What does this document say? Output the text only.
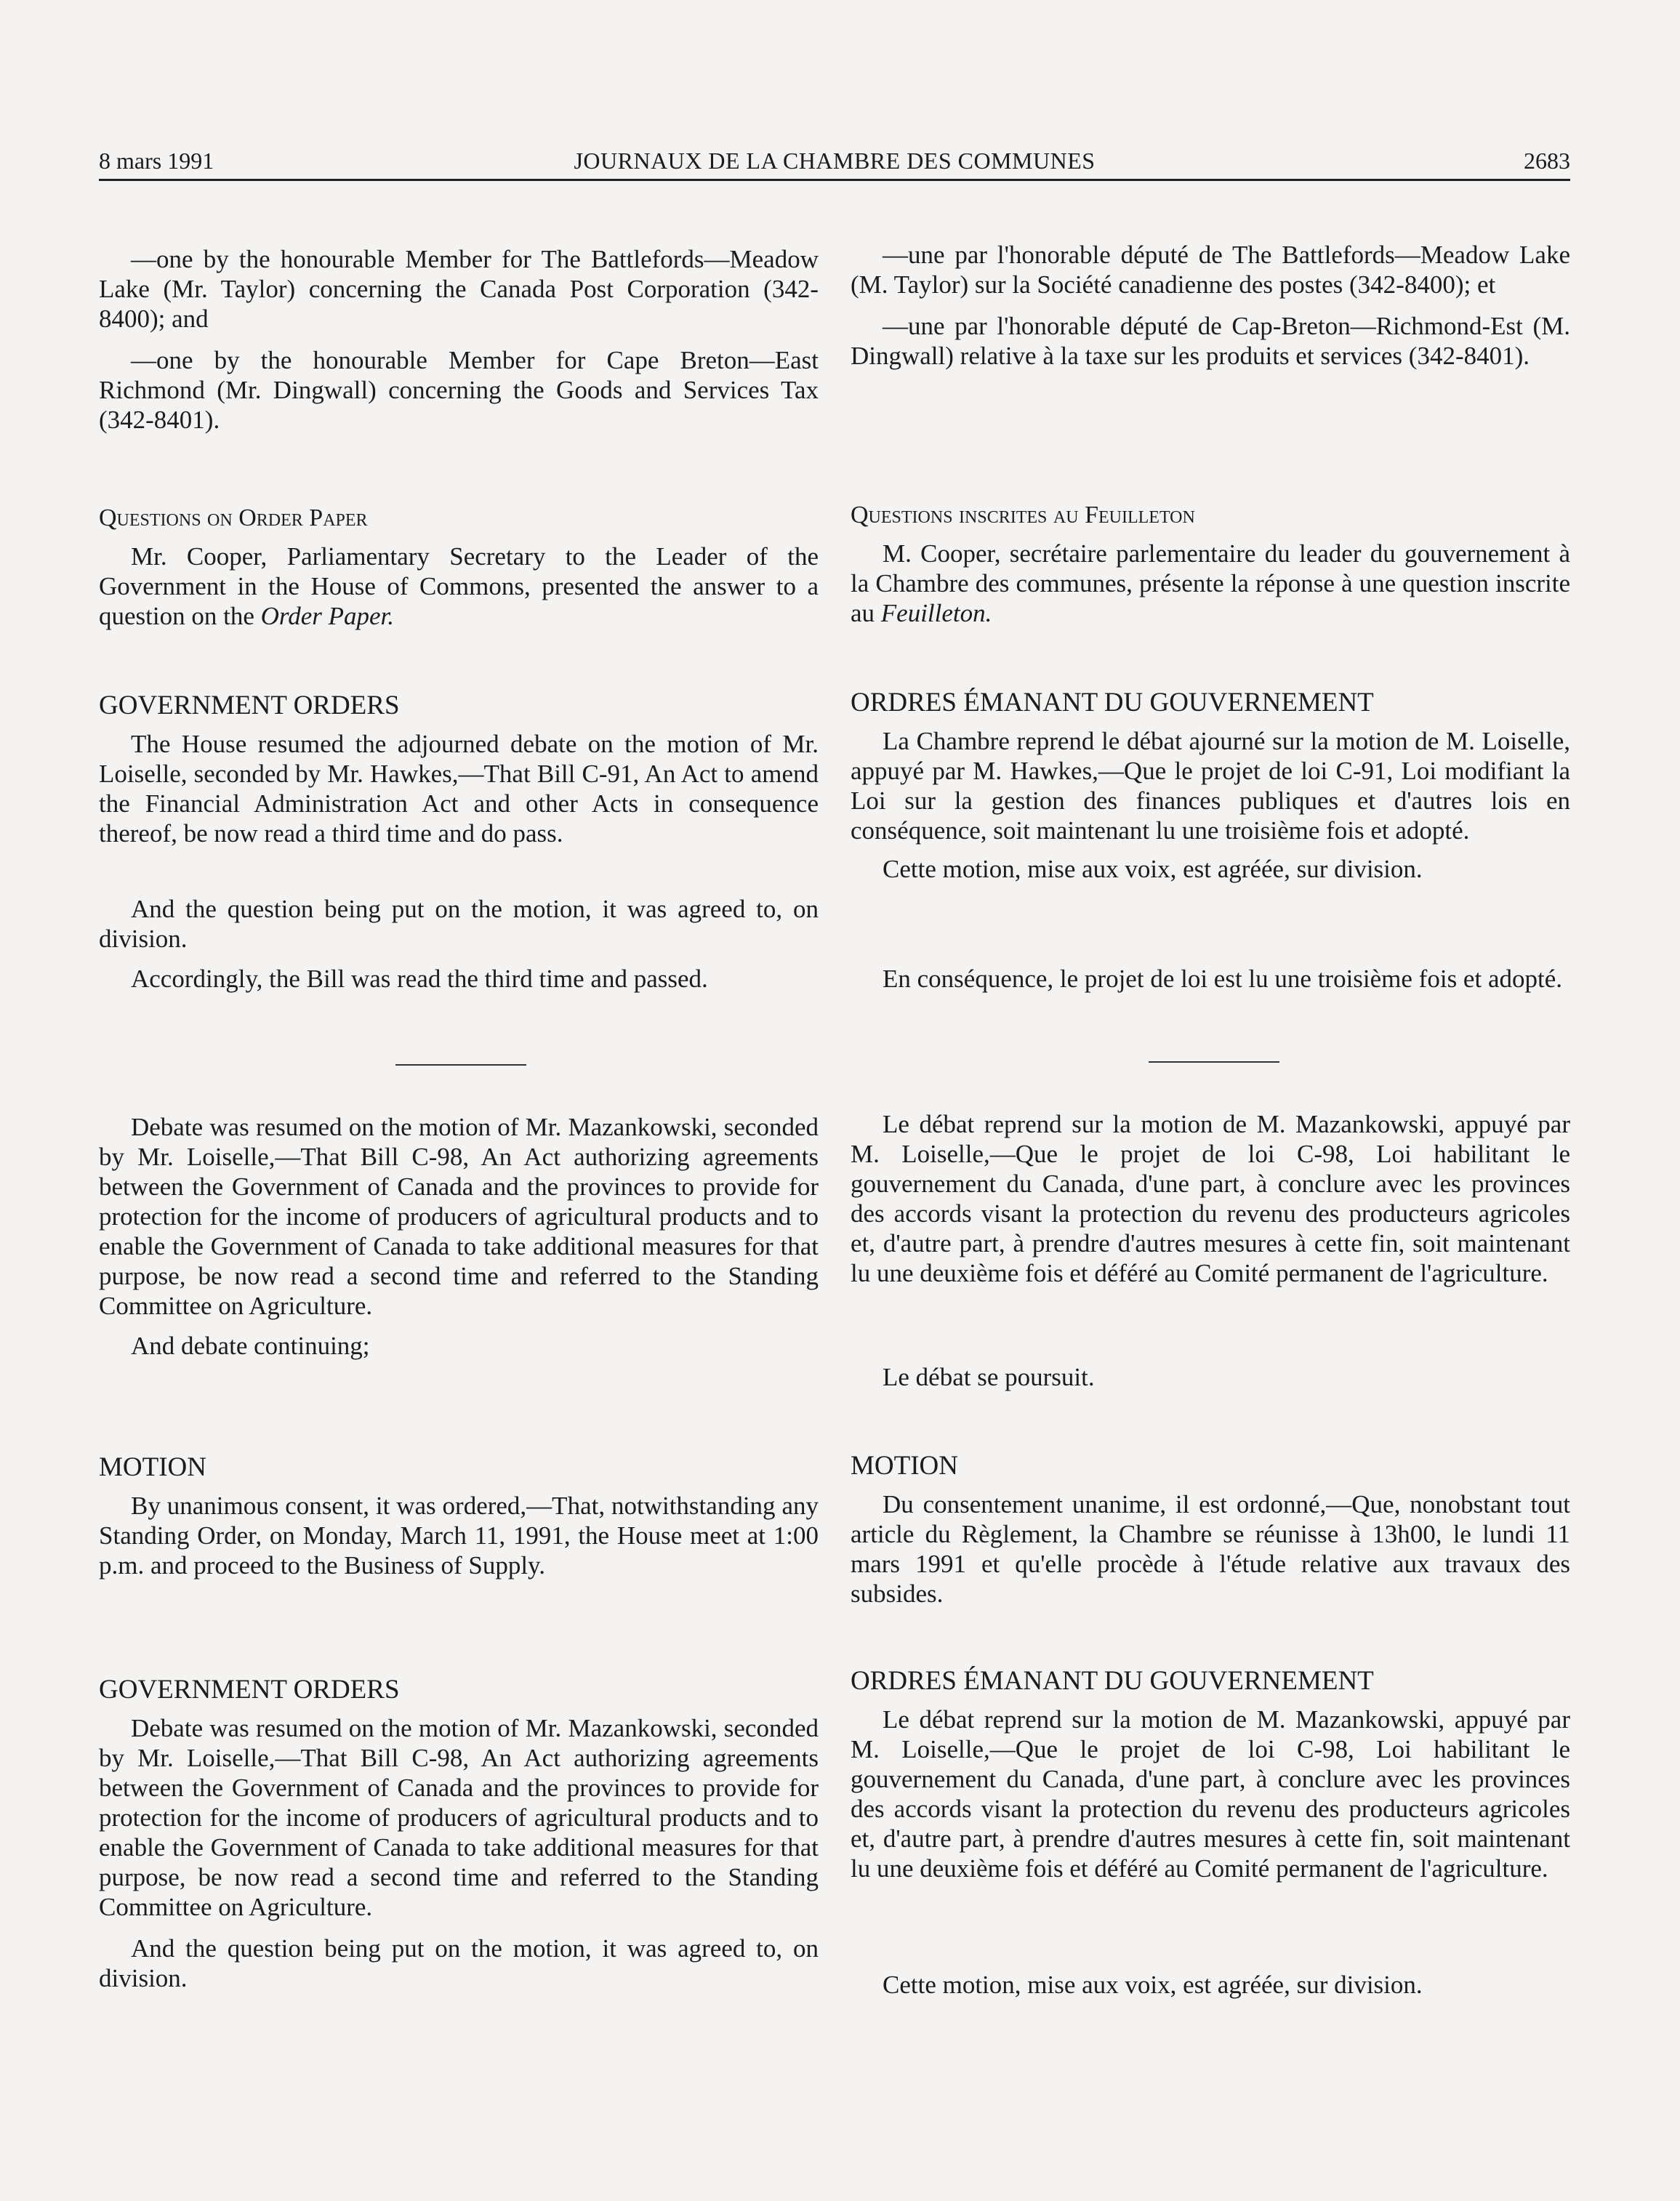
8 mars 1991	JOURNAUX DE LA CHAMBRE DES COMMUNES	2683

—one by the honourable Member for The Battlefords—Meadow Lake (Mr. Taylor) concerning the Canada Post Corporation (342-8400); and

—one by the honourable Member for Cape Breton—East Richmond (Mr. Dingwall) concerning the Goods and Services Tax (342-8401).

Questions on Order Paper

Mr. Cooper, Parliamentary Secretary to the Leader of the Government in the House of Commons, presented the answer to a question on the Order Paper.

GOVERNMENT ORDERS

The House resumed the adjourned debate on the motion of Mr. Loiselle, seconded by Mr. Hawkes,—That Bill C-91, An Act to amend the Financial Administration Act and other Acts in consequence thereof, be now read a third time and do pass.

And the question being put on the motion, it was agreed to, on division.

Accordingly, the Bill was read the third time and passed.

Debate was resumed on the motion of Mr. Mazankowski, seconded by Mr. Loiselle,—That Bill C-98, An Act authorizing agreements between the Government of Canada and the provinces to provide for protection for the income of producers of agricultural products and to enable the Government of Canada to take additional measures for that purpose, be now read a second time and referred to the Standing Committee on Agriculture.

And debate continuing;

MOTION

By unanimous consent, it was ordered,—That, notwithstanding any Standing Order, on Monday, March 11, 1991, the House meet at 1:00 p.m. and proceed to the Business of Supply.

GOVERNMENT ORDERS

Debate was resumed on the motion of Mr. Mazankowski, seconded by Mr. Loiselle,—That Bill C-98, An Act authorizing agreements between the Government of Canada and the provinces to provide for protection for the income of producers of agricultural products and to enable the Government of Canada to take additional measures for that purpose, be now read a second time and referred to the Standing Committee on Agriculture.

And the question being put on the motion, it was agreed to, on division.

—une par l'honorable député de The Battlefords—Meadow Lake (M. Taylor) sur la Société canadienne des postes (342-8400); et

—une par l'honorable député de Cap-Breton—Richmond-Est (M. Dingwall) relative à la taxe sur les produits et services (342-8401).

Questions inscrites au Feuilleton

M. Cooper, secrétaire parlementaire du leader du gouvernement à la Chambre des communes, présente la réponse à une question inscrite au Feuilleton.

ORDRES ÉMANANT DU GOUVERNEMENT

La Chambre reprend le débat ajourné sur la motion de M. Loiselle, appuyé par M. Hawkes,—Que le projet de loi C-91, Loi modifiant la Loi sur la gestion des finances publiques et d'autres lois en conséquence, soit maintenant lu une troisième fois et adopté.

Cette motion, mise aux voix, est agréée, sur division.

En conséquence, le projet de loi est lu une troisième fois et adopté.

Le débat reprend sur la motion de M. Mazankowski, appuyé par M. Loiselle,—Que le projet de loi C-98, Loi habilitant le gouvernement du Canada, d'une part, à conclure avec les provinces des accords visant la protection du revenu des producteurs agricoles et, d'autre part, à prendre d'autres mesures à cette fin, soit maintenant lu une deuxième fois et déféré au Comité permanent de l'agriculture.

Le débat se poursuit.

MOTION

Du consentement unanime, il est ordonné,—Que, nonobstant tout article du Règlement, la Chambre se réunisse à 13h00, le lundi 11 mars 1991 et qu'elle procède à l'étude relative aux travaux des subsides.

ORDRES ÉMANANT DU GOUVERNEMENT

Le débat reprend sur la motion de M. Mazankowski, appuyé par M. Loiselle,—Que le projet de loi C-98, Loi habilitant le gouvernement du Canada, d'une part, à conclure avec les provinces des accords visant la protection du revenu des producteurs agricoles et, d'autre part, à prendre d'autres mesures à cette fin, soit maintenant lu une deuxième fois et déféré au Comité permanent de l'agriculture.

Cette motion, mise aux voix, est agréée, sur division.
